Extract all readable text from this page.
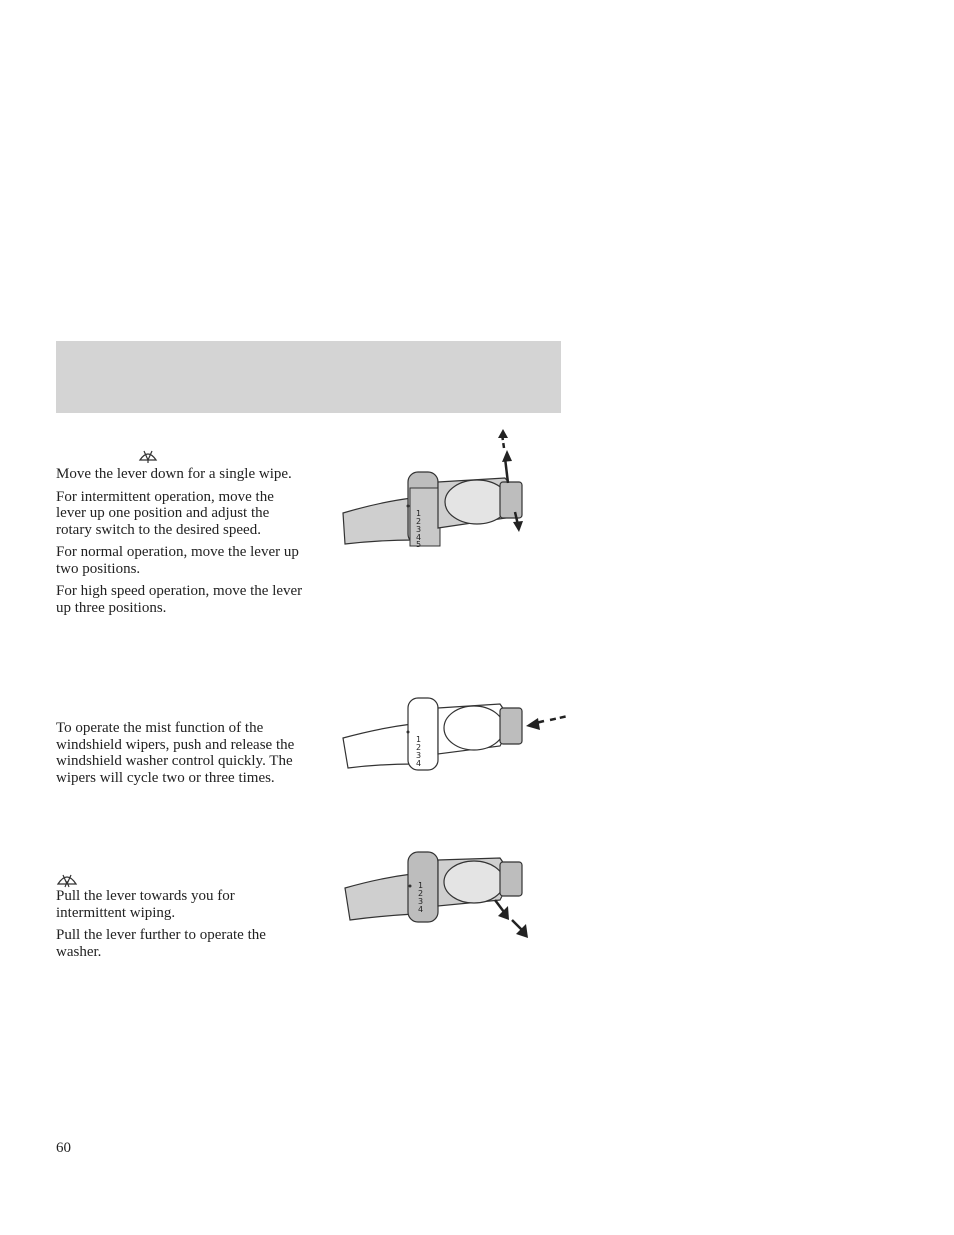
Move the lever down for a single wipe.

For intermittent operation, move the lever up one position and adjust the rotary switch to the desired speed.

For normal operation, move the lever up two positions.

For high speed operation, move the lever up three positions.

To operate the mist function of the windshield wipers, push and release the windshield washer control quickly. The wipers will cycle two or three times.

Pull the lever towards you for intermittent wiping.

Pull the lever further to operate the washer.

1
2
3
4
5
1
2
3
4
1
2
3
4
60
